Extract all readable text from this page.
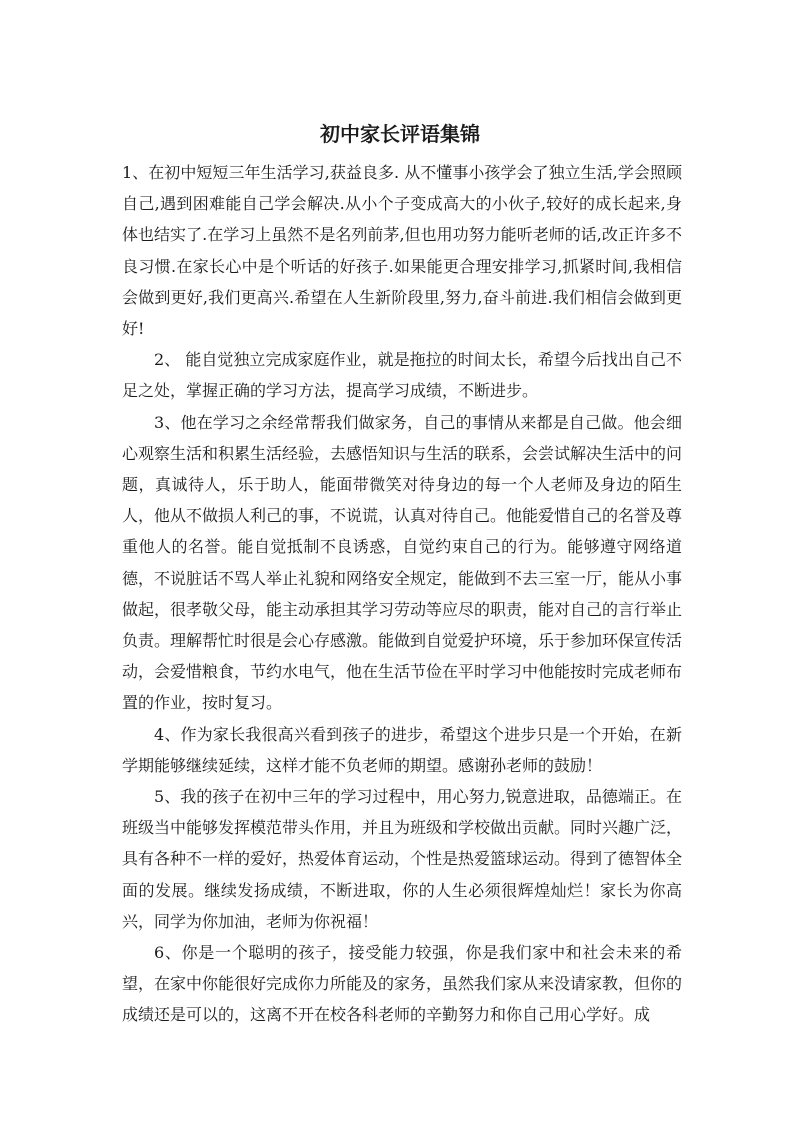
初中家长评语集锦

1、在初中短短三年生活学习,获益良多. 从不懂事小孩学会了独立生活,学会照顾自己,遇到困难能自己学会解决.从小个子变成高大的小伙子,较好的成长起来,身体也结实了.在学习上虽然不是名列前茅,但也用功努力能听老师的话,改正许多不良习惯.在家长心中是个听话的好孩子.如果能更合理安排学习,抓紧时间,我相信会做到更好,我们更高兴.希望在人生新阶段里,努力,奋斗前进.我们相信会做到更好!

2、 能自觉独立完成家庭作业，就是拖拉的时间太长，希望今后找出自己不足之处，掌握正确的学习方法，提高学习成绩，不断进步。

3、他在学习之余经常帮我们做家务，自己的事情从来都是自己做。他会细心观察生活和积累生活经验，去感悟知识与生活的联系，会尝试解决生活中的问题，真诚待人，乐于助人，能面带微笑对待身边的每一个人老师及身边的陌生人，他从不做损人利己的事，不说谎，认真对待自己。他能爱惜自己的名誉及尊重他人的名誉。能自觉抵制不良诱惑，自觉约束自己的行为。能够遵守网络道德，不说脏话不骂人举止礼貌和网络安全规定，能做到不去三室一厅，能从小事做起，很孝敬父母，能主动承担其学习劳动等应尽的职责，能对自己的言行举止负责。理解帮忙时很是会心存感激。能做到自觉爱护环境，乐于参加环保宣传活动，会爱惜粮食，节约水电气，他在生活节俭在平时学习中他能按时完成老师布置的作业，按时复习。

4、作为家长我很高兴看到孩子的进步，希望这个进步只是一个开始，在新学期能够继续延续，这样才能不负老师的期望。感谢孙老师的鼓励！

5、我的孩子在初中三年的学习过程中，用心努力,锐意进取，品德端正。在班级当中能够发挥模范带头作用，并且为班级和学校做出贡献。同时兴趣广泛，具有各种不一样的爱好，热爱体育运动，个性是热爱篮球运动。得到了德智体全面的发展。继续发扬成绩，不断进取，你的人生必须很辉煌灿烂！家长为你高兴，同学为你加油，老师为你祝福！

6、你是一个聪明的孩子，接受能力较强，你是我们家中和社会未来的希望，在家中你能很好完成你力所能及的家务，虽然我们家从来没请家教，但你的成绩还是可以的，这离不开在校各科老师的辛勤努力和你自己用心学好。成
